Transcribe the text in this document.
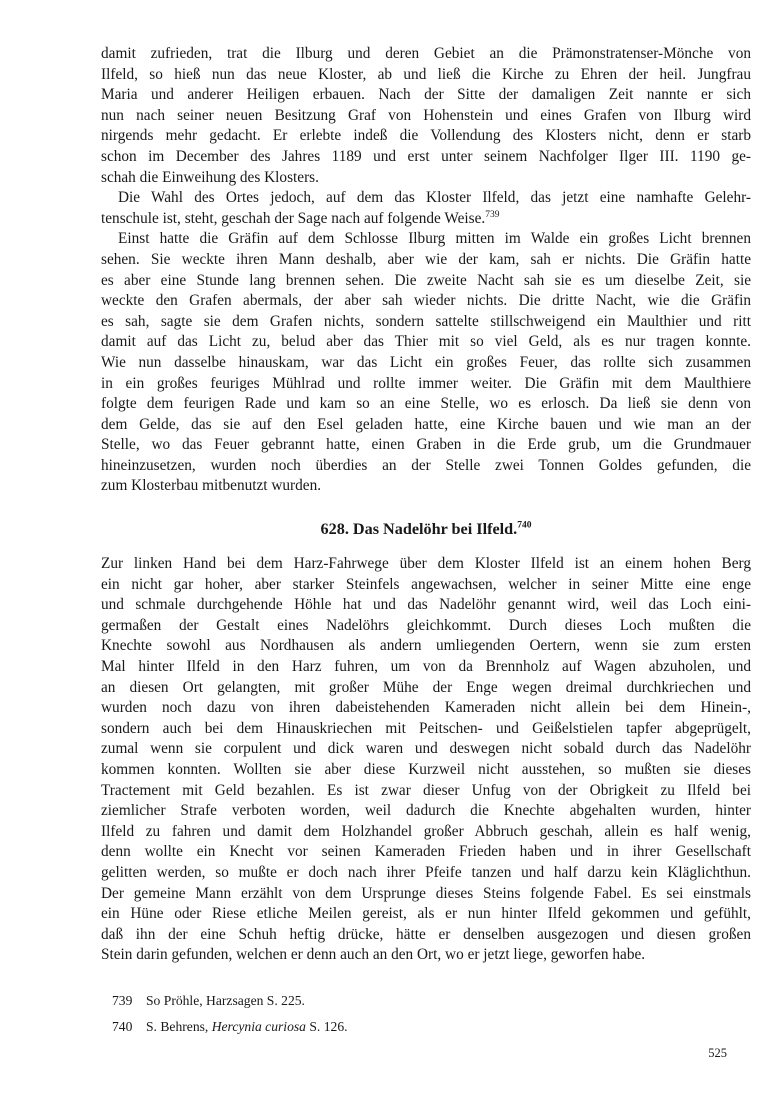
damit zufrieden, trat die Ilburg und deren Gebiet an die Prämonstratenser-Mönche von
Ilfeld, so hieß nun das neue Kloster, ab und ließ die Kirche zu Ehren der heil. Jungfrau
Maria und anderer Heiligen erbauen. Nach der Sitte der damaligen Zeit nannte er sich
nun nach seiner neuen Besitzung Graf von Hohenstein und eines Grafen von Ilburg wird
nirgends mehr gedacht. Er erlebte indeß die Vollendung des Klosters nicht, denn er starb
schon im December des Jahres 1189 und erst unter seinem Nachfolger Ilger III. 1190 ge-
schah die Einweihung des Klosters.
Die Wahl des Ortes jedoch, auf dem das Kloster Ilfeld, das jetzt eine namhafte Gelehr-
tenschule ist, steht, geschah der Sage nach auf folgende Weise.$^{739}$
Einst hatte die Gräfin auf dem Schlosse Ilburg mitten im Walde ein großes Licht brennen
sehen. Sie weckte ihren Mann deshalb, aber wie der kam, sah er nichts. Die Gräfin hatte
es aber eine Stunde lang brennen sehen. Die zweite Nacht sah sie es um dieselbe Zeit, sie
weckte den Grafen abermals, der aber sah wieder nichts. Die dritte Nacht, wie die Gräfin
es sah, sagte sie dem Grafen nichts, sondern sattelte stillschweigend ein Maulthier und ritt
damit auf das Licht zu, belud aber das Thier mit so viel Geld, als es nur tragen konnte.
Wie nun dasselbe hinauskam, war das Licht ein großes Feuer, das rollte sich zusammen
in ein großes feuriges Mühlrad und rollte immer weiter. Die Gräfin mit dem Maulthiere
folgte dem feurigen Rade und kam so an eine Stelle, wo es erlosch. Da ließ sie denn von
dem Gelde, das sie auf den Esel geladen hatte, eine Kirche bauen und wie man an der
Stelle, wo das Feuer gebrannt hatte, einen Graben in die Erde grub, um die Grundmauer
hineinzusetzen, wurden noch überdies an der Stelle zwei Tonnen Goldes gefunden, die
zum Klosterbau mitbenutzt wurden.
628. Das Nadelöhr bei Ilfeld.$^{740}$
Zur linken Hand bei dem Harz-Fahrwege über dem Kloster Ilfeld ist an einem hohen Berg
ein nicht gar hoher, aber starker Steinfels angewachsen, welcher in seiner Mitte eine enge
und schmale durchgehende Höhle hat und das Nadelöhr genannt wird, weil das Loch eini-
germaßen der Gestalt eines Nadelöhrs gleichkommt. Durch dieses Loch mußten die
Knechte sowohl aus Nordhausen als andern umliegenden Oertern, wenn sie zum ersten
Mal hinter Ilfeld in den Harz fuhren, um von da Brennholz auf Wagen abzuholen, und
an diesen Ort gelangten, mit großer Mühe der Enge wegen dreimal durchkriechen und
wurden noch dazu von ihren dabeistehenden Kameraden nicht allein bei dem Hinein-,
sondern auch bei dem Hinauskriechen mit Peitschen- und Geißelstielen tapfer abgeprügelt,
zumal wenn sie corpulent und dick waren und deswegen nicht sobald durch das Nadelöhr
kommen konnten. Wollten sie aber diese Kurzweil nicht ausstehen, so mußten sie dieses
Tractement mit Geld bezahlen. Es ist zwar dieser Unfug von der Obrigkeit zu Ilfeld bei
ziemlicher Strafe verboten worden, weil dadurch die Knechte abgehalten wurden, hinter
Ilfeld zu fahren und damit dem Holzhandel großer Abbruch geschah, allein es half wenig,
denn wollte ein Knecht vor seinen Kameraden Frieden haben und in ihrer Gesellschaft
gelitten werden, so mußte er doch nach ihrer Pfeife tanzen und half darzu kein Kläglichthun.
Der gemeine Mann erzählt von dem Ursprunge dieses Steins folgende Fabel. Es sei einstmals
ein Hüne oder Riese etliche Meilen gereist, als er nun hinter Ilfeld gekommen und gefühlt,
daß ihn der eine Schuh heftig drücke, hätte er denselben ausgezogen und diesen großen
Stein darin gefunden, welchen er denn auch an den Ort, wo er jetzt liege, geworfen habe.
739	So Pröhle, Harzsagen S. 225.
740	S. Behrens, Hercynia curiosa S. 126.
525
